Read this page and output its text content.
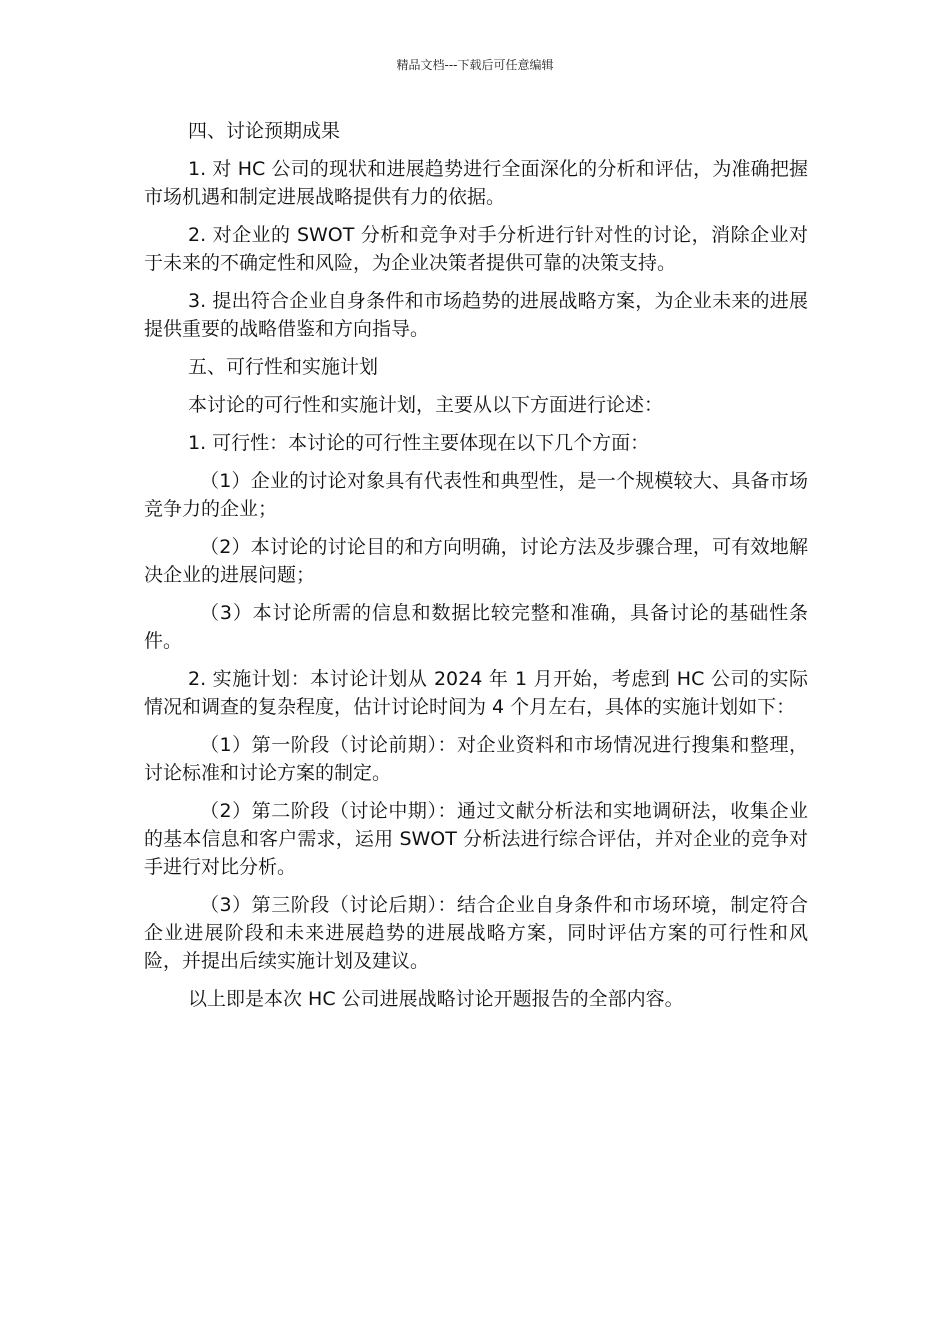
精品文档---下载后可任意编辑

四、讨论预期成果

1. 对 HC 公司的现状和进展趋势进行全面深化的分析和评估，为准确把握市场机遇和制定进展战略提供有力的依据。

2. 对企业的 SWOT 分析和竞争对手分析进行针对性的讨论，消除企业对于未来的不确定性和风险，为企业决策者提供可靠的决策支持。

3. 提出符合企业自身条件和市场趋势的进展战略方案，为企业未来的进展提供重要的战略借鉴和方向指导。

五、可行性和实施计划

本讨论的可行性和实施计划，主要从以下方面进行论述：

1. 可行性：本讨论的可行性主要体现在以下几个方面：

（1）企业的讨论对象具有代表性和典型性，是一个规模较大、具备市场竞争力的企业；

（2）本讨论的讨论目的和方向明确，讨论方法及步骤合理，可有效地解决企业的进展问题；

（3）本讨论所需的信息和数据比较完整和准确，具备讨论的基础性条件。

2. 实施计划：本讨论计划从 2024 年 1 月开始，考虑到 HC 公司的实际情况和调查的复杂程度，估计讨论时间为 4 个月左右，具体的实施计划如下：

（1）第一阶段（讨论前期）：对企业资料和市场情况进行搜集和整理，讨论标准和讨论方案的制定。

（2）第二阶段（讨论中期）：通过文献分析法和实地调研法，收集企业的基本信息和客户需求，运用 SWOT 分析法进行综合评估，并对企业的竞争对手进行对比分析。

（3）第三阶段（讨论后期）：结合企业自身条件和市场环境，制定符合企业进展阶段和未来进展趋势的进展战略方案，同时评估方案的可行性和风险，并提出后续实施计划及建议。

以上即是本次 HC 公司进展战略讨论开题报告的全部内容。
